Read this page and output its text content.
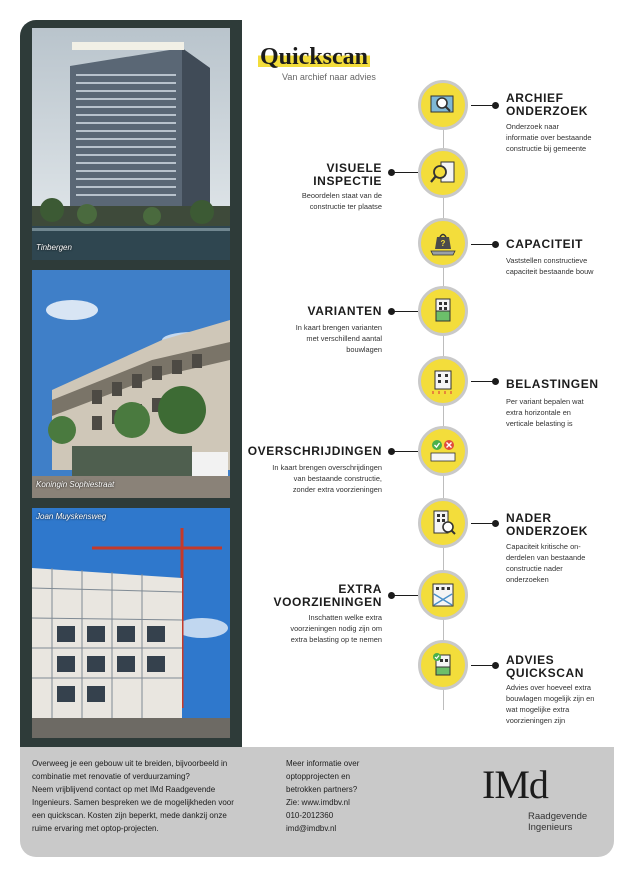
Tinbergen
Koningin Sophiestraat
Joan Muyskensweg
Quickscan
Van archief naar advies
ARCHIEF
ONDERZOEK
Onderzoek naar
informatie over bestaande
constructie bij gemeente
VISUELE
INSPECTIE
Beoordelen staat van de
constructie ter plaatse
?	CAPACITEIT
Vaststellen constructieve
capaciteit bestaande bouw
VARIANTEN
In kaart brengen varianten
met verschillend aantal
bouwlagen
BELASTINGEN
Per variant bepalen wat
extra horizontale en
verticale belasting is
OVERSCHRIJDINGEN
In kaart brengen overschrijdingen
van bestaande constructie,
zonder extra voorzieningen
NADER
ONDERZOEK
Capaciteit kritische on-
derdelen van bestaande
constructie nader
onderzoeken
EXTRA
VOORZIENINGEN
Inschatten welke extra
voorzieningen nodig zijn om
extra belasting op te nemen
ADVIES
QUICKSCAN
Advies over hoeveel extra
bouwlagen mogelijk zijn en
wat mogelijke extra
voorzieningen zijn
Overweeg je een gebouw uit te breiden, bijvoorbeeld in
combinatie met renovatie of verduurzaming?
Neem vrijblijvend contact op met IMd Raadgevende
Ingenieurs. Samen bespreken we de mogelijkheden voor
een quickscan. Kosten zijn beperkt, mede dankzij onze
ruime ervaring met optop-projecten.
Meer informatie over
optopprojecten en
betrokken partners?
Zie: www.imdbv.nl
010-2012360
imd@imdbv.nl
IMd
Raadgevende
Ingenieurs
